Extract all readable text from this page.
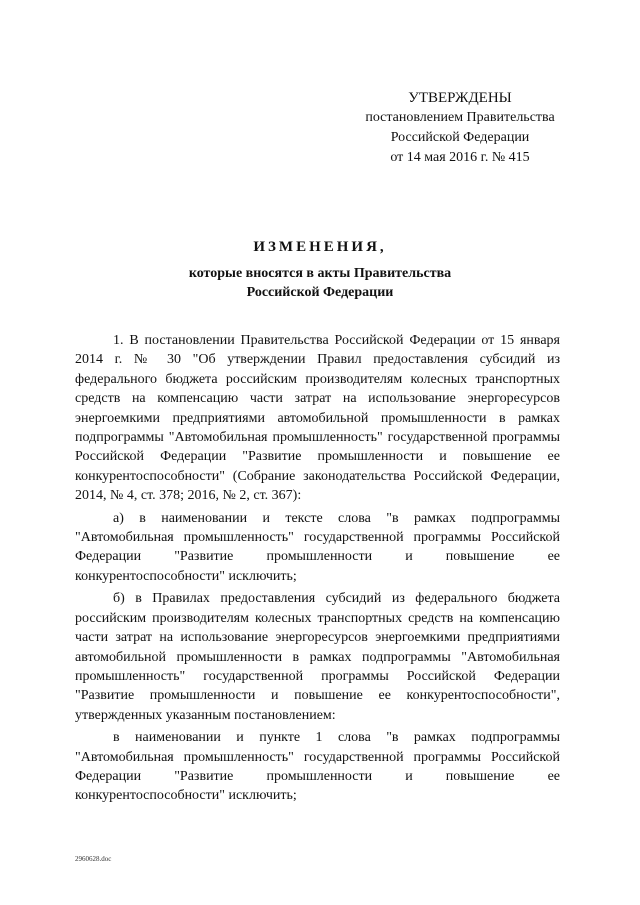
УТВЕРЖДЕНЫ
постановлением Правительства
Российской Федерации
от 14 мая 2016 г. № 415
ИЗМЕНЕНИЯ,
которые вносятся в акты Правительства
Российской Федерации

1. В постановлении Правительства Российской Федерации от 15 января 2014 г. № 30 "Об утверждении Правил предоставления субсидий из федерального бюджета российским производителям колесных транспортных средств на компенсацию части затрат на использование энергоресурсов энергоемкими предприятиями автомобильной промышленности в рамках подпрограммы "Автомобильная промышленность" государственной программы Российской Федерации "Развитие промышленности и повышение ее конкурентоспособности" (Собрание законодательства Российской Федерации, 2014, № 4, ст. 378; 2016, № 2, ст. 367):

а) в наименовании и тексте слова "в рамках подпрограммы "Автомобильная промышленность" государственной программы Российской Федерации "Развитие промышленности и повышение ее конкурентоспособности" исключить;

б) в Правилах предоставления субсидий из федерального бюджета российским производителям колесных транспортных средств на компенсацию части затрат на использование энергоресурсов энергоемкими предприятиями автомобильной промышленности в рамках подпрограммы "Автомобильная промышленность" государственной программы Российской Федерации "Развитие промышленности и повышение ее конкурентоспособности", утвержденных указанным постановлением:

в наименовании и пункте 1 слова "в рамках подпрограммы "Автомобильная промышленность" государственной программы Российской Федерации "Развитие промышленности и повышение ее конкурентоспособности" исключить;

2960628.doc
